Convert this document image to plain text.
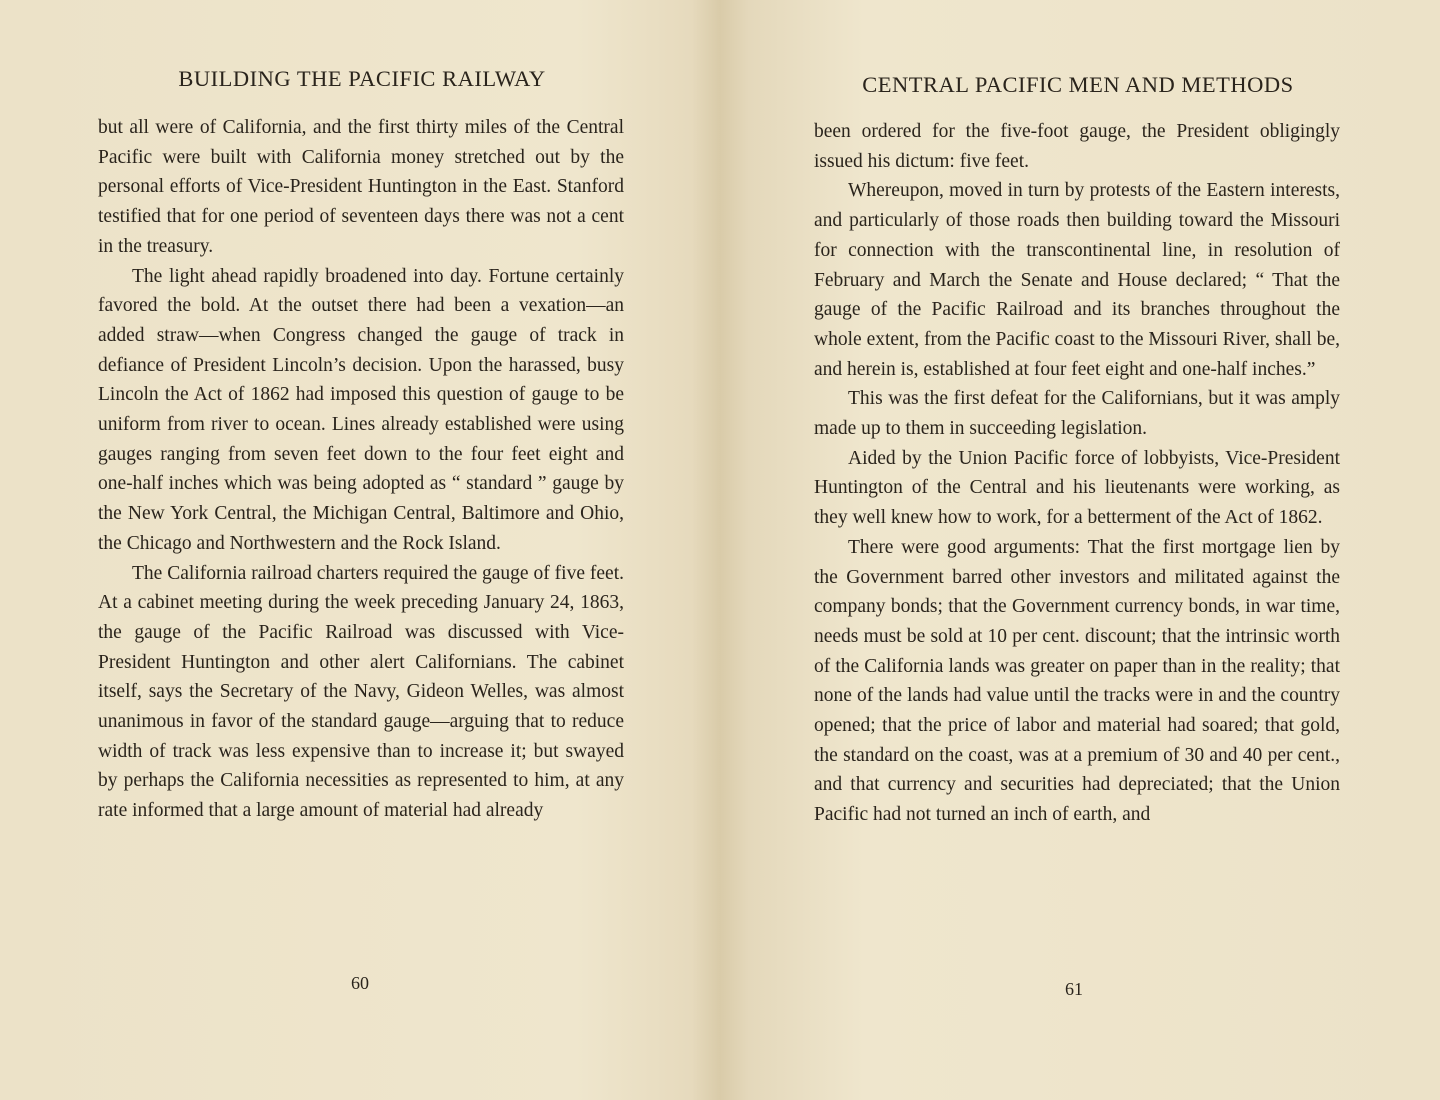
BUILDING THE PACIFIC RAILWAY

but all were of California, and the first thirty miles of the Central Pacific were built with California money stretched out by the personal efforts of Vice-President Huntington in the East. Stanford testified that for one period of seventeen days there was not a cent in the treasury.

The light ahead rapidly broadened into day. Fortune certainly favored the bold. At the outset there had been a vexation—an added straw—when Congress changed the gauge of track in defiance of President Lincoln’s decision. Upon the harassed, busy Lincoln the Act of 1862 had imposed this question of gauge to be uniform from river to ocean. Lines already established were using gauges ranging from seven feet down to the four feet eight and one-half inches which was being adopted as “ standard ” gauge by the New York Central, the Michigan Central, Baltimore and Ohio, the Chicago and Northwestern and the Rock Island.

The California railroad charters required the gauge of five feet. At a cabinet meeting during the week preceding January 24, 1863, the gauge of the Pacific Railroad was discussed with Vice-President Huntington and other alert Californians. The cabinet itself, says the Secretary of the Navy, Gideon Welles, was almost unanimous in favor of the standard gauge—arguing that to reduce width of track was less expensive than to increase it; but swayed by perhaps the California necessities as represented to him, at any rate informed that a large amount of material had already

60
CENTRAL PACIFIC MEN AND METHODS

been ordered for the five-foot gauge, the President obligingly issued his dictum: five feet.

Whereupon, moved in turn by protests of the Eastern interests, and particularly of those roads then building toward the Missouri for connection with the transcontinental line, in resolution of February and March the Senate and House declared; “ That the gauge of the Pacific Railroad and its branches throughout the whole extent, from the Pacific coast to the Missouri River, shall be, and herein is, established at four feet eight and one-half inches.”

This was the first defeat for the Californians, but it was amply made up to them in succeeding legislation.

Aided by the Union Pacific force of lobbyists, Vice-President Huntington of the Central and his lieutenants were working, as they well knew how to work, for a betterment of the Act of 1862.

There were good arguments: That the first mortgage lien by the Government barred other investors and militated against the company bonds; that the Government currency bonds, in war time, needs must be sold at 10 per cent. discount; that the intrinsic worth of the California lands was greater on paper than in the reality; that none of the lands had value until the tracks were in and the country opened; that the price of labor and material had soared; that gold, the standard on the coast, was at a premium of 30 and 40 per cent., and that currency and securities had depreciated; that the Union Pacific had not turned an inch of earth, and

61
